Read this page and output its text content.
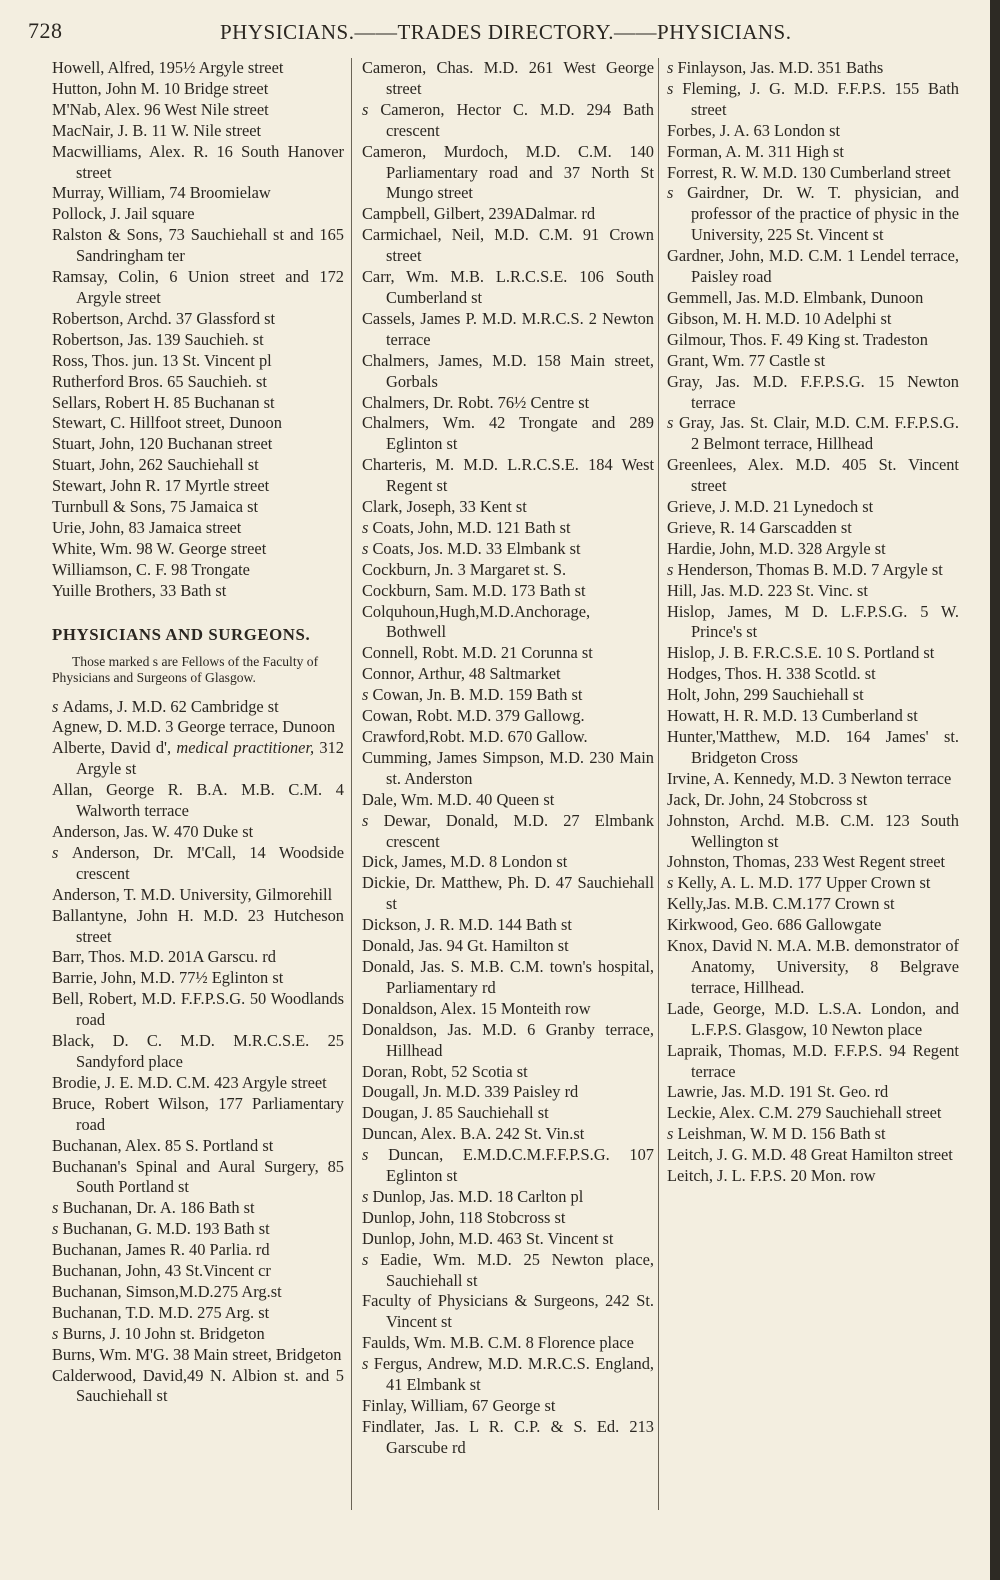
728	PHYSICIANS.——TRADES DIRECTORY.——PHYSICIANS.
Howell, Alfred, 195½ Argyle street
Hutton, John M. 10 Bridge street
M'Nab, Alex. 96 West Nile street
MacNair, J. B. 11 W. Nile street
Macwilliams, Alex. R. 16 South Hanover street
Murray, William, 74 Broomielaw
Pollock, J. Jail square
Ralston & Sons, 73 Sauchiehall st and 165 Sandringham ter
Ramsay, Colin, 6 Union street and 172 Argyle street
Robertson, Archd. 37 Glassford st
Robertson, Jas. 139 Sauchieh. st
Ross, Thos. jun. 13 St. Vincent pl
Rutherford Bros. 65 Sauchieh. st
Sellars, Robert H. 85 Buchanan st
Stewart, C. Hillfoot street, Dunoon
Stuart, John, 120 Buchanan street
Stuart, John, 262 Sauchiehall st
Stewart, John R. 17 Myrtle street
Turnbull & Sons, 75 Jamaica st
Urie, John, 83 Jamaica street
White, Wm. 98 W. George street
Williamson, C. F. 98 Trongate
Yuille Brothers, 33 Bath st
PHYSICIANS AND SURGEONS.
Those marked s are Fellows of the Faculty of Physicians and Surgeons of Glasgow.
s Adams, J. M.D. 62 Cambridge st
Agnew, D. M.D. 3 George terrace, Dunoon
Alberte, David d', medical practitioner, 312 Argyle st
Allan, George R. B.A. M.B. C.M. 4 Walworth terrace
Anderson, Jas. W. 470 Duke st
s Anderson, Dr. M'Call, 14 Woodside crescent
Anderson, T. M.D. University, Gilmorehill
Ballantyne, John H. M.D. 23 Hutcheson street
Barr, Thos. M.D. 201A Garscu. rd
Barrie, John, M.D. 77½ Eglinton st
Bell, Robert, M.D. F.F.P.S.G. 50 Woodlands road
Black, D. C. M.D. M.R.C.S.E. 25 Sandyford place
Brodie, J. E. M.D. C.M. 423 Argyle street
Bruce, Robert Wilson, 177 Parliamentary road
Buchanan, Alex. 85 S. Portland st
Buchanan's Spinal and Aural Surgery, 85 South Portland st
s Buchanan, Dr. A. 186 Bath st
s Buchanan, G. M.D. 193 Bath st
Buchanan, James R. 40 Parlia. rd
Buchanan, John, 43 St.Vincent cr
Buchanan, Simson,M.D.275 Arg.st
Buchanan, T.D. M.D. 275 Arg. st
s Burns, J. 10 John st. Bridgeton
Burns, Wm. M'G. 38 Main street, Bridgeton
Calderwood, David,49 N. Albion st. and 5 Sauchiehall st
Cameron, Chas. M.D. 261 West George street
s Cameron, Hector C. M.D. 294 Bath crescent
Cameron, Murdoch, M.D. C.M. 140 Parliamentary road and 37 North St Mungo street
Campbell, Gilbert, 239ADalmar. rd
Carmichael, Neil, M.D. C.M. 91 Crown street
Carr, Wm. M.B. L.R.C.S.E. 106 South Cumberland st
Cassels, James P. M.D. M.R.C.S. 2 Newton terrace
Chalmers, James, M.D. 158 Main street, Gorbals
Chalmers, Dr. Robt. 76½ Centre st
Chalmers, Wm. 42 Trongate and 289 Eglinton st
Charteris, M. M.D. L.R.C.S.E. 184 West Regent st
Clark, Joseph, 33 Kent st
s Coats, John, M.D. 121 Bath st
s Coats, Jos. M.D. 33 Elmbank st
Cockburn, Jn. 3 Margaret st. S.
Cockburn, Sam. M.D. 173 Bath st
Colquhoun,Hugh,M.D.Anchorage, Bothwell
Connell, Robt. M.D. 21 Corunna st
Connor, Arthur, 48 Saltmarket
s Cowan, Jn. B. M.D. 159 Bath st
Cowan, Robt. M.D. 379 Gallowg.
Crawford,Robt. M.D. 670 Gallow.
Cumming, James Simpson, M.D. 230 Main st. Anderston
Dale, Wm. M.D. 40 Queen st
s Dewar, Donald, M.D. 27 Elmbank crescent
Dick, James, M.D. 8 London st
Dickie, Dr. Matthew, Ph. D. 47 Sauchiehall st
Dickson, J. R. M.D. 144 Bath st
Donald, Jas. 94 Gt. Hamilton st
Donald, Jas. S. M.B. C.M. town's hospital, Parliamentary rd
Donaldson, Alex. 15 Monteith row
Donaldson, Jas. M.D. 6 Granby terrace, Hillhead
Doran, Robt, 52 Scotia st
Dougall, Jn. M.D. 339 Paisley rd
Dougan, J. 85 Sauchiehall st
Duncan, Alex. B.A. 242 St. Vin.st
s Duncan, E.M.D.C.M.F.F.P.S.G. 107 Eglinton st
s Dunlop, Jas. M.D. 18 Carlton pl
Dunlop, John, 118 Stobcross st
Dunlop, John, M.D. 463 St. Vincent st
s Eadie, Wm. M.D. 25 Newton place, Sauchiehall st
Faculty of Physicians & Surgeons, 242 St. Vincent st
Faulds, Wm. M.B. C.M. 8 Florence place
s Fergus, Andrew, M.D. M.R.C.S. England, 41 Elmbank st
Finlay, William, 67 George st
Findlater, Jas. L R. C.P. & S. Ed. 213 Garscube rd
s Finlayson, Jas. M.D. 351 Baths
s Fleming, J. G. M.D. F.F.P.S. 155 Bath street
Forbes, J. A. 63 London st
Forman, A. M. 311 High st
Forrest, R. W. M.D. 130 Cumberland street
s Gairdner, Dr. W. T. physician, and professor of the practice of physic in the University, 225 St. Vincent st
Gardner, John, M.D. C.M. 1 Lendel terrace, Paisley road
Gemmell, Jas. M.D. Elmbank, Dunoon
Gibson, M. H. M.D. 10 Adelphi st
Gilmour, Thos. F. 49 King st. Tradeston
Grant, Wm. 77 Castle st
Gray, Jas. M.D. F.F.P.S.G. 15 Newton terrace
s Gray, Jas. St. Clair, M.D. C.M. F.F.P.S.G. 2 Belmont terrace, Hillhead
Greenlees, Alex. M.D. 405 St. Vincent street
Grieve, J. M.D. 21 Lynedoch st
Grieve, R. 14 Garscadden st
Hardie, John, M.D. 328 Argyle st
s Henderson, Thomas B. M.D. 7 Argyle st
Hill, Jas. M.D. 223 St. Vinc. st
Hislop, James, M D. L.F.P.S.G. 5 W. Prince's st
Hislop, J. B. F.R.C.S.E. 10 S. Portland st
Hodges, Thos. H. 338 Scotld. st
Holt, John, 299 Sauchiehall st
Howatt, H. R. M.D. 13 Cumberland st
Hunter,'Matthew, M.D. 164 James' st. Bridgeton Cross
Irvine, A. Kennedy, M.D. 3 Newton terrace
Jack, Dr. John, 24 Stobcross st
Johnston, Archd. M.B. C.M. 123 South Wellington st
Johnston, Thomas, 233 West Regent street
s Kelly, A. L. M.D. 177 Upper Crown st
Kelly,Jas. M.B. C.M.177 Crown st
Kirkwood, Geo. 686 Gallowgate
Knox, David N. M.A. M.B. demonstrator of Anatomy, University, 8 Belgrave terrace, Hillhead.
Lade, George, M.D. L.S.A. London, and L.F.P.S. Glasgow, 10 Newton place
Lapraik, Thomas, M.D. F.F.P.S. 94 Regent terrace
Lawrie, Jas. M.D. 191 St. Geo. rd
Leckie, Alex. C.M. 279 Sauchiehall street
s Leishman, W. M D. 156 Bath st
Leitch, J. G. M.D. 48 Great Hamilton street
Leitch, J. L. F.P.S. 20 Mon. row
